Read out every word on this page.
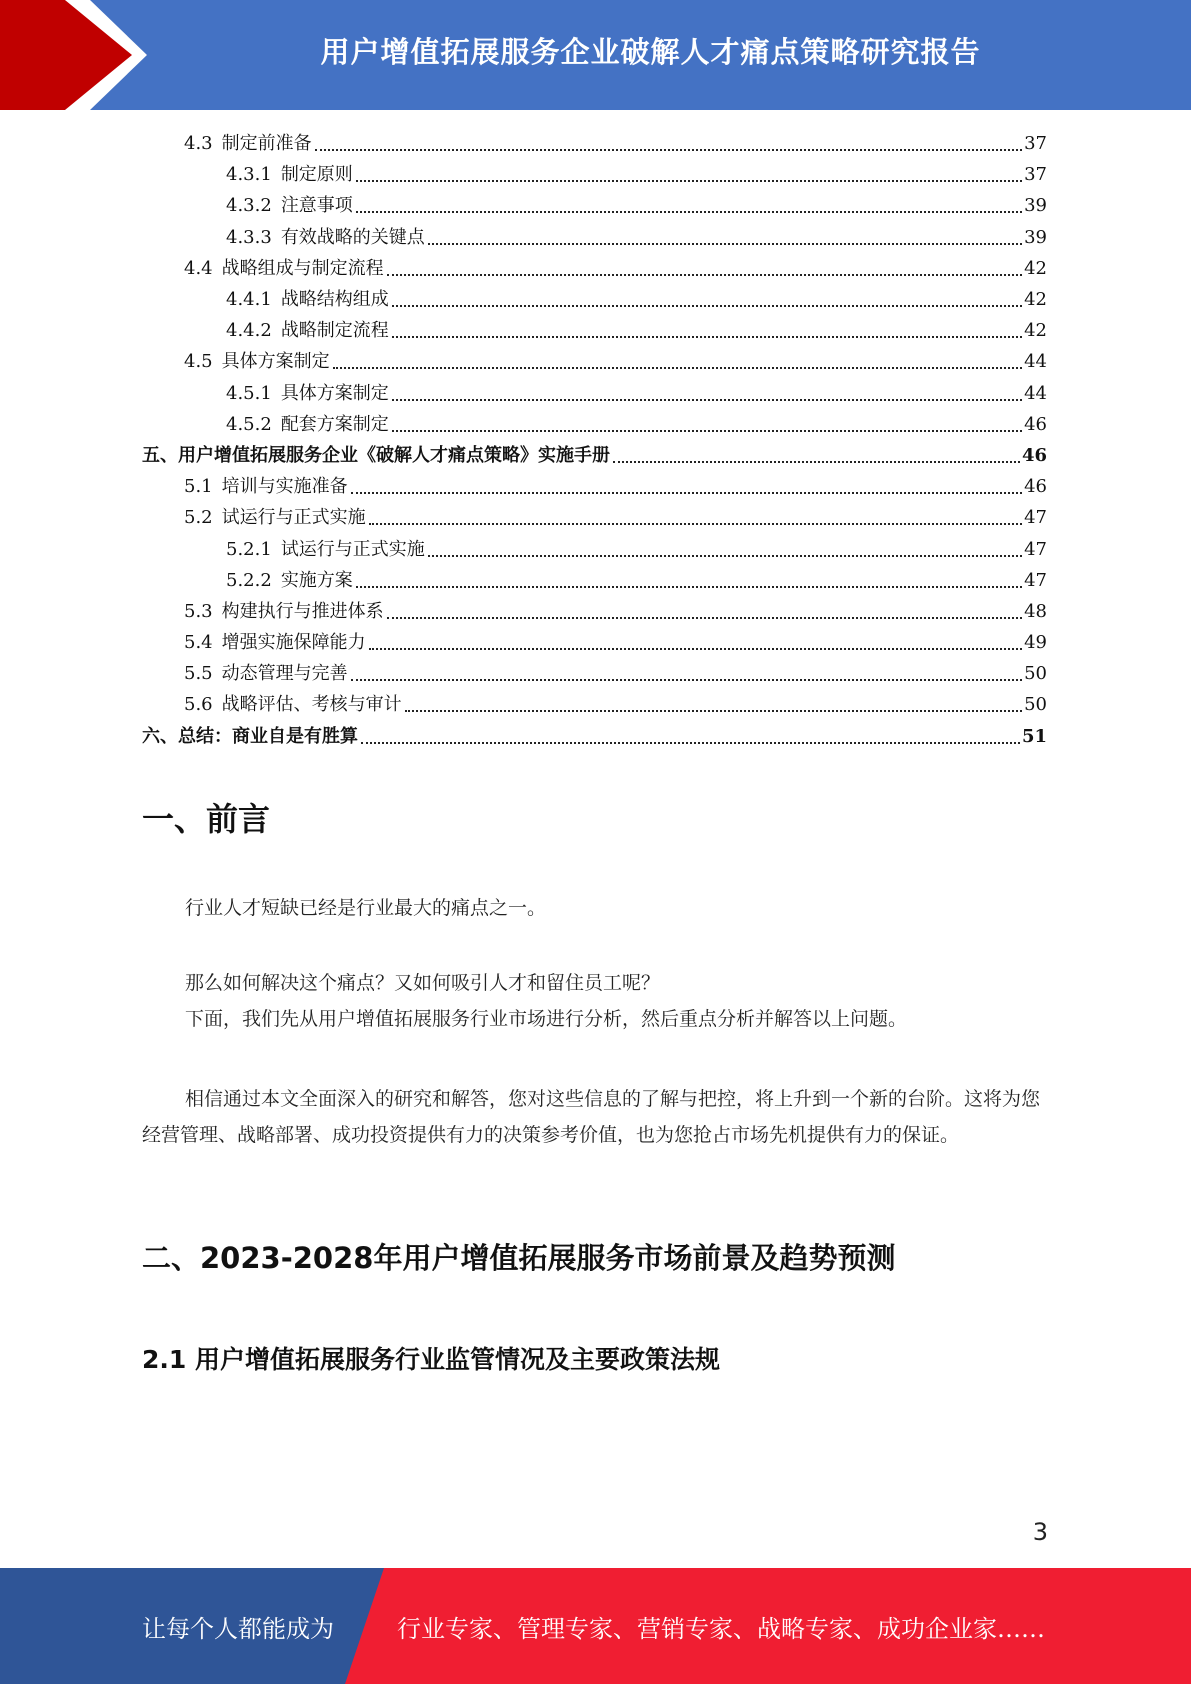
用户增值拓展服务企业破解人才痛点策略研究报告
4.3 制定前准备	37
4.3.1 制定原则	37
4.3.2 注意事项	39
4.3.3 有效战略的关键点	39
4.4 战略组成与制定流程	42
4.4.1 战略结构组成	42
4.4.2 战略制定流程	42
4.5 具体方案制定	44
4.5.1 具体方案制定	44
4.5.2 配套方案制定	46
五、用户增值拓展服务企业《破解人才痛点策略》实施手册	46
5.1 培训与实施准备	46
5.2 试运行与正式实施	47
5.2.1 试运行与正式实施	47
5.2.2 实施方案	47
5.3 构建执行与推进体系	48
5.4 增强实施保障能力	49
5.5 动态管理与完善	50
5.6 战略评估、考核与审计	50
六、总结：商业自是有胜算	51
一、前言
行业人才短缺已经是行业最大的痛点之一。
那么如何解决这个痛点？又如何吸引人才和留住员工呢？
下面，我们先从用户增值拓展服务行业市场进行分析，然后重点分析并解答以上问题。
相信通过本文全面深入的研究和解答，您对这些信息的了解与把控，将上升到一个新的台阶。这将为您经营管理、战略部署、成功投资提供有力的决策参考价值，也为您抢占市场先机提供有力的保证。
二、2023-2028年用户增值拓展服务市场前景及趋势预测
2.1 用户增值拓展服务行业监管情况及主要政策法规
3
让每个人都能成为	行业专家、管理专家、营销专家、战略专家、成功企业家……
